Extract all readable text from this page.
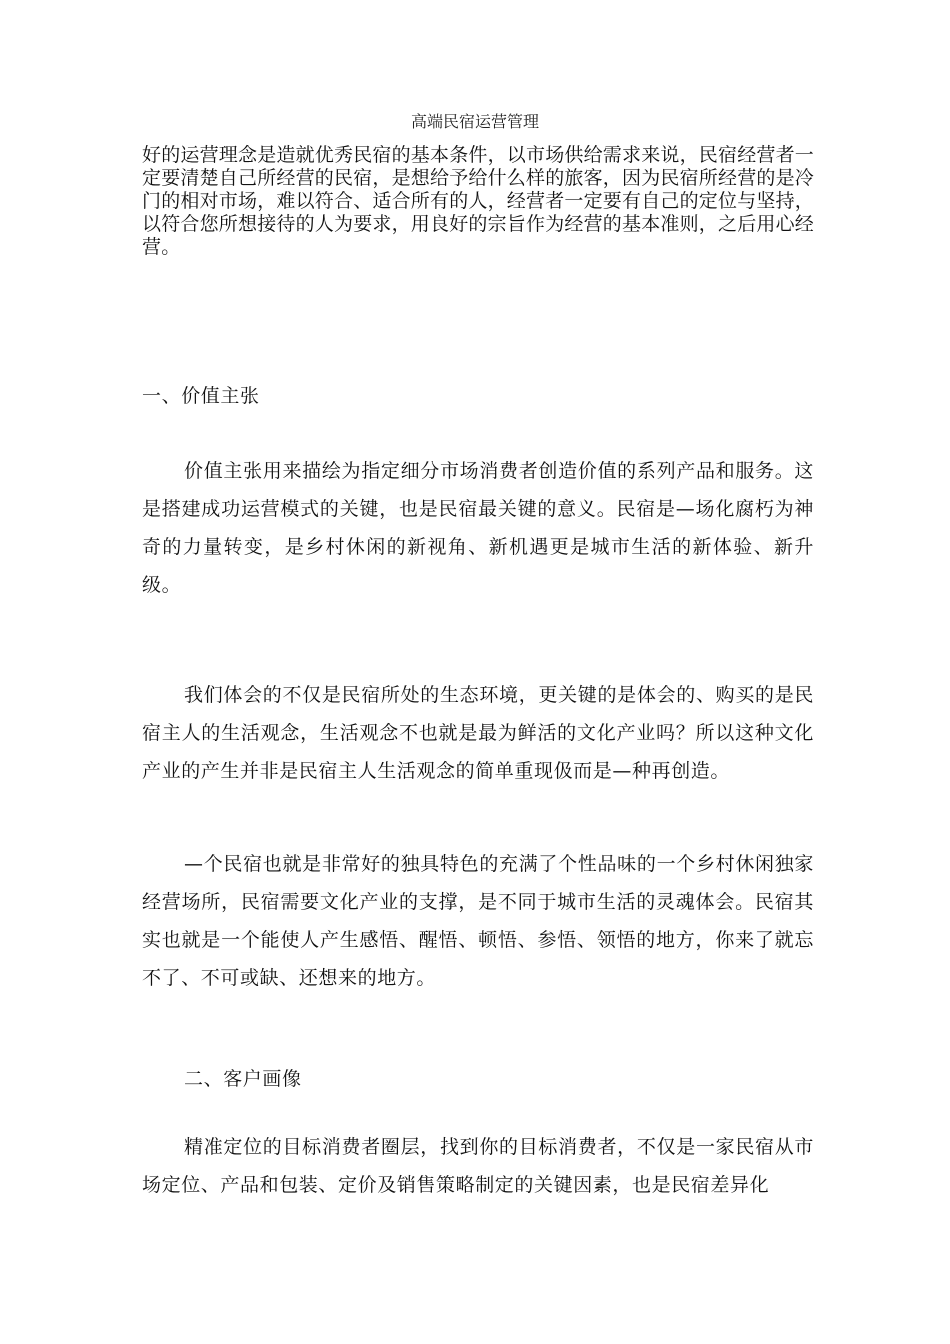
高端民宿运营管理

好的运营理念是造就优秀民宿的基本条件，以市场供给需求来说，民宿经营者一定要清楚自己所经营的民宿，是想给予给什么样的旅客，因为民宿所经营的是冷门的相对市场，难以符合、适合所有的人，经营者一定要有自己的定位与坚持，以符合您所想接待的人为要求，用良好的宗旨作为经营的基本准则，之后用心经营。

一、价值主张

价值主张用来描绘为指定细分市场消费者创造价值的系列产品和服务。这是搭建成功运营模式的关键，也是民宿最关键的意义。民宿是—场化腐朽为神奇的力量转变，是乡村休闲的新视角、新机遇更是城市生活的新体验、新升级。

我们体会的不仅是民宿所处的生态环境，更关键的是体会的、购买的是民宿主人的生活观念，生活观念不也就是最为鲜活的文化产业吗？所以这种文化产业的产生并非是民宿主人生活观念的简单重现伋而是—种再创造。

—个民宿也就是非常好的独具特色的充满了个性品味的一个乡村休闲独家经营场所，民宿需要文化产业的支撑，是不同于城市生活的灵魂体会。民宿其实也就是一个能使人产生感悟、醒悟、顿悟、参悟、领悟的地方，你来了就忘不了、不可或缺、还想来的地方。

二、客户画像

精准定位的目标消费者圈层，找到你的目标消费者，不仅是一家民宿从市场定位、产品和包装、定价及销售策略制定的关键因素，也是民宿差异化
